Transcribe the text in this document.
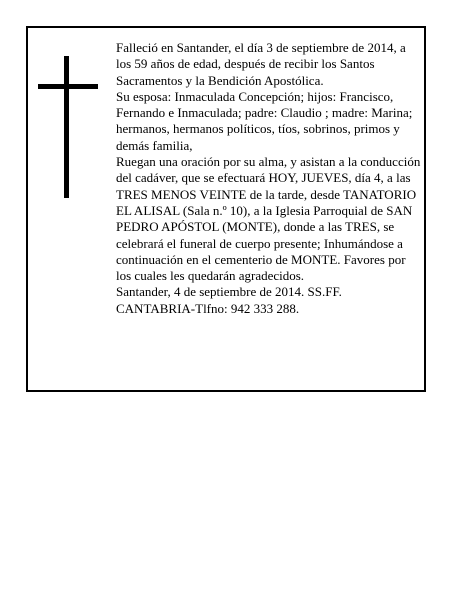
Falleció en Santander, el día 3 de septiembre de 2014, a los 59 años de edad, después de recibir los Santos Sacramentos y la Bendición Apostólica.

Su esposa: Inmaculada Concepción; hijos: Francisco, Fernando e Inmaculada; padre: Claudio ; madre: Marina; hermanos, hermanos políticos, tíos, sobrinos, primos y demás familia,

Ruegan una oración por su alma, y asistan a la conducción del cadáver, que se efectuará HOY, JUEVES, día 4, a las TRES MENOS VEINTE de la tarde, desde TANATORIO EL ALISAL (Sala n.º 10), a la Iglesia Parroquial de SAN PEDRO APÓSTOL (MONTE), donde a las TRES, se celebrará el funeral de cuerpo presente; Inhumándose a continuación en el cementerio de MONTE. Favores por los cuales les quedarán agradecidos.

Santander, 4 de septiembre de 2014. SS.FF.

CANTABRIA-Tlfno: 942 333 288.
